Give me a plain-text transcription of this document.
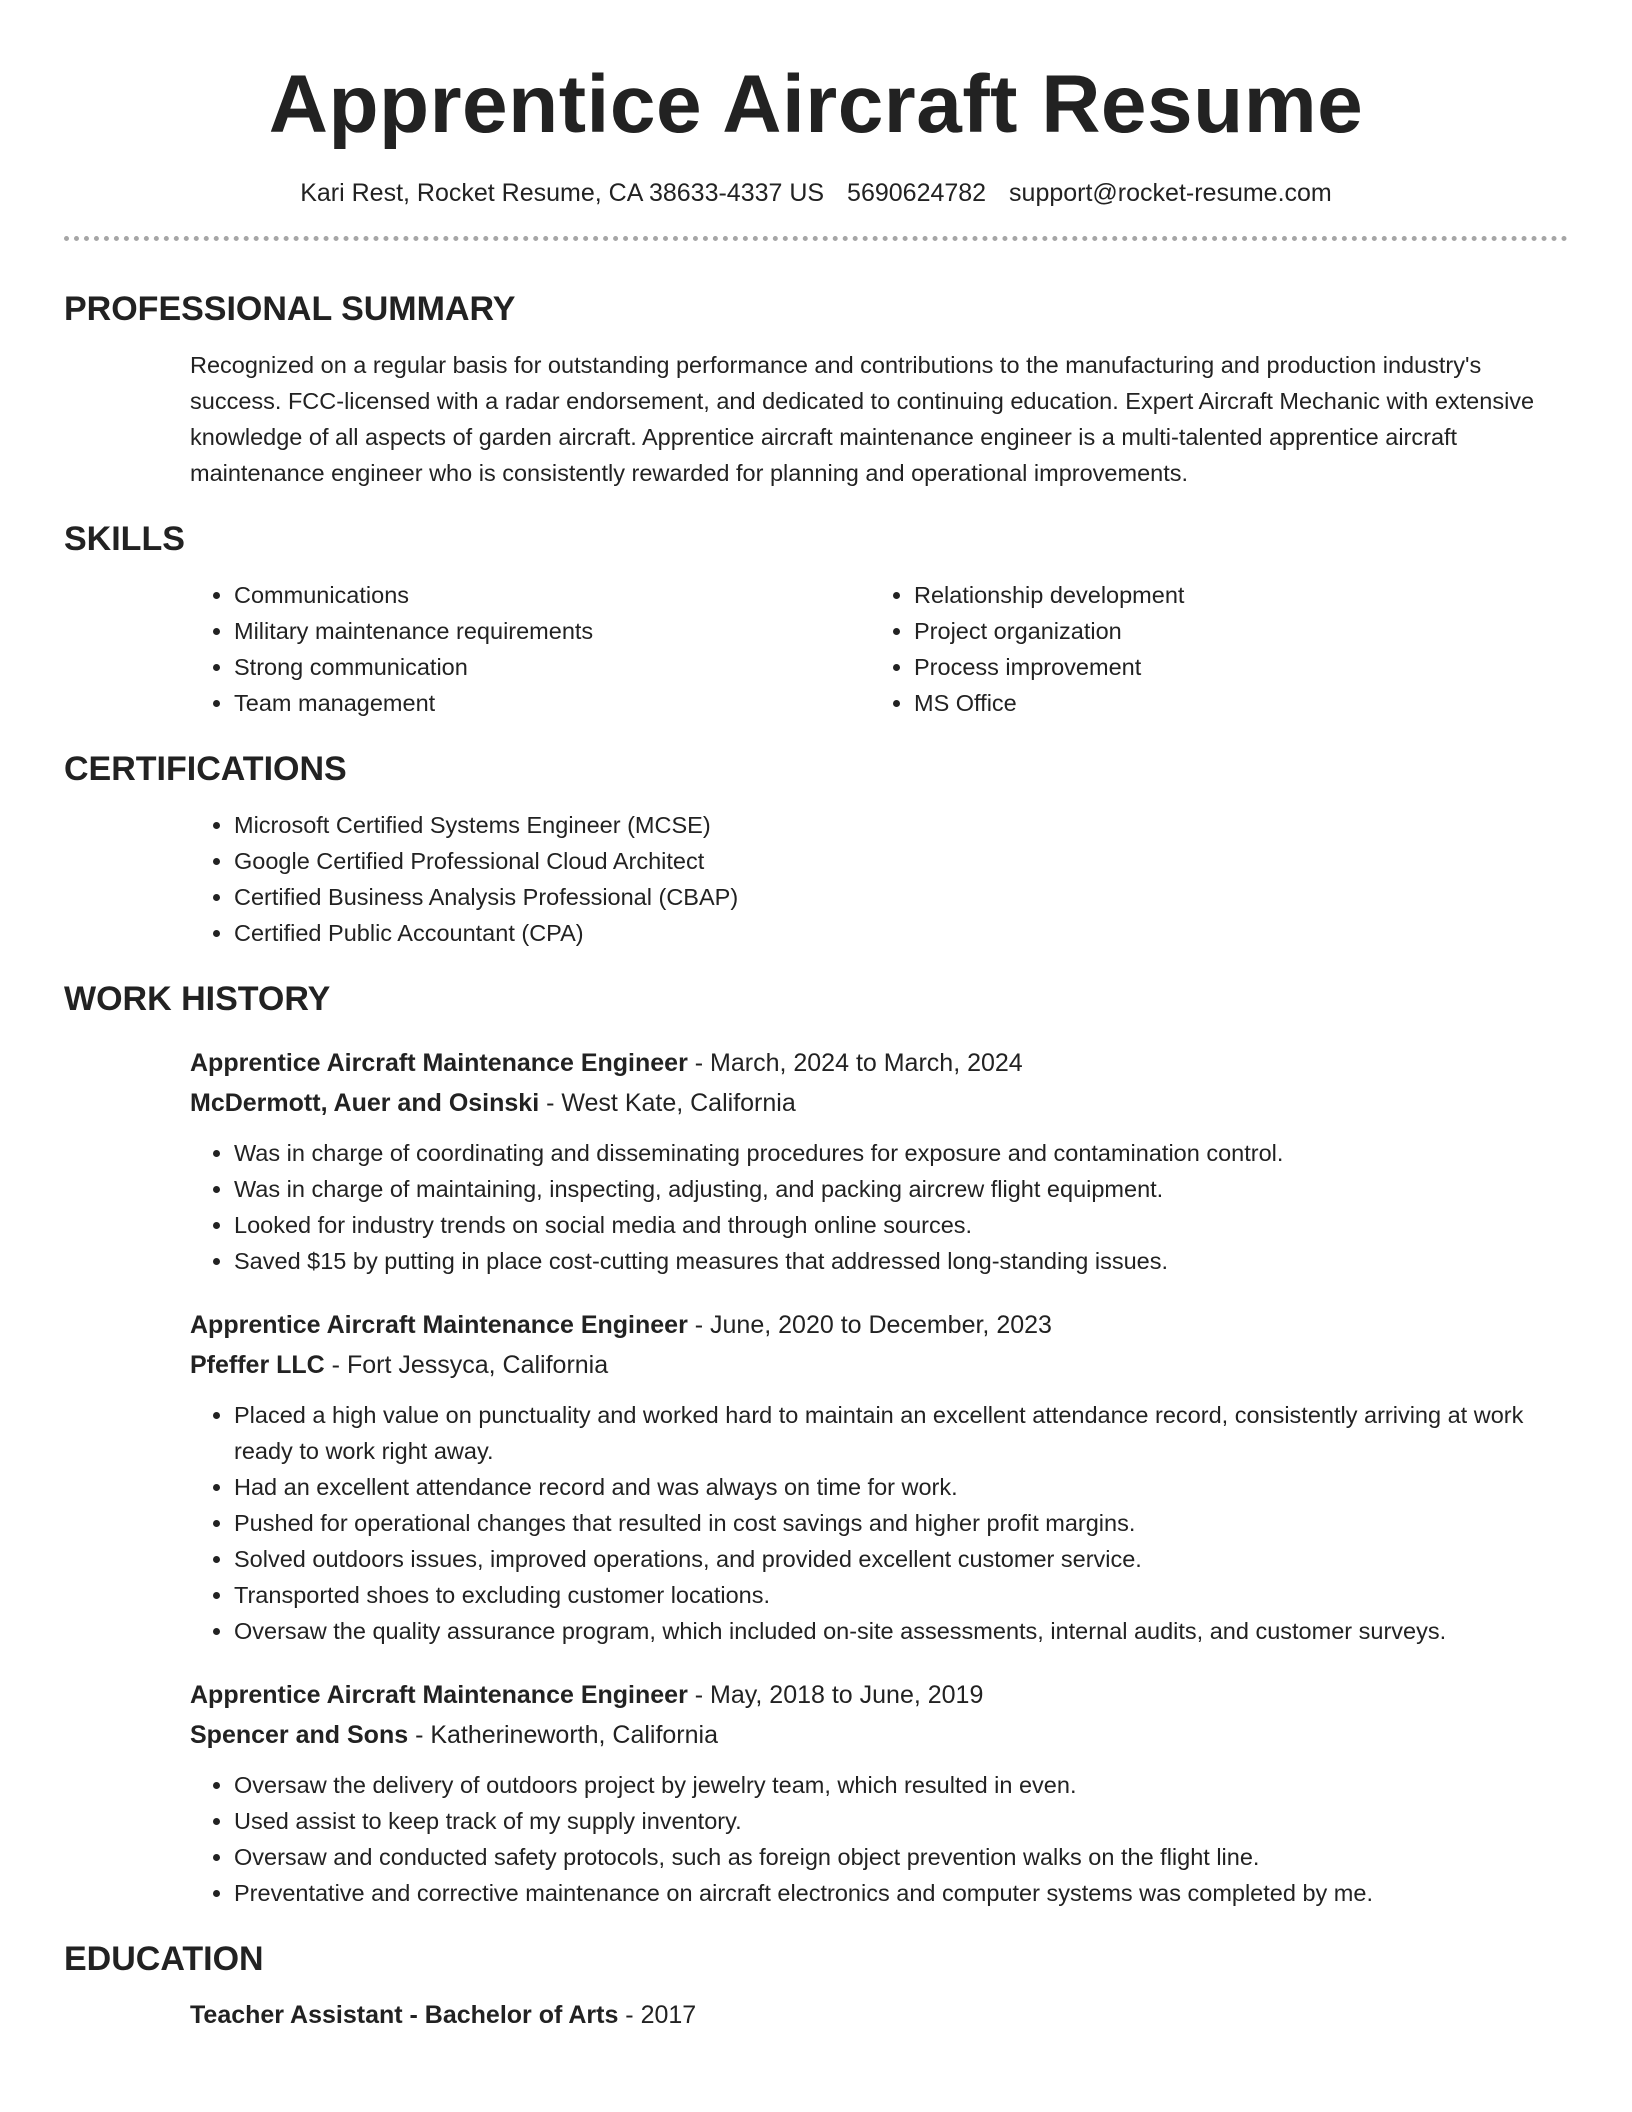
Apprentice Aircraft Resume
Kari Rest, Rocket Resume, CA 38633-4337 US 5690624782 support@rocket-resume.com
PROFESSIONAL SUMMARY

Recognized on a regular basis for outstanding performance and contributions to the manufacturing and production industry's success. FCC-licensed with a radar endorsement, and dedicated to continuing education. Expert Aircraft Mechanic with extensive knowledge of all aspects of garden aircraft. Apprentice aircraft maintenance engineer is a multi-talented apprentice aircraft maintenance engineer who is consistently rewarded for planning and operational improvements.

SKILLS
• Communications
• Military maintenance requirements
• Strong communication
• Team management
• Relationship development
• Project organization
• Process improvement
• MS Office
CERTIFICATIONS
• Microsoft Certified Systems Engineer (MCSE)
• Google Certified Professional Cloud Architect
• Certified Business Analysis Professional (CBAP)
• Certified Public Accountant (CPA)
WORK HISTORY
Apprentice Aircraft Maintenance Engineer - March, 2024 to March, 2024
McDermott, Auer and Osinski - West Kate, California
• Was in charge of coordinating and disseminating procedures for exposure and contamination control.
• Was in charge of maintaining, inspecting, adjusting, and packing aircrew flight equipment.
• Looked for industry trends on social media and through online sources.
• Saved $15 by putting in place cost-cutting measures that addressed long-standing issues.
Apprentice Aircraft Maintenance Engineer - June, 2020 to December, 2023
Pfeffer LLC - Fort Jessyca, California
• Placed a high value on punctuality and worked hard to maintain an excellent attendance record, consistently arriving at work ready to work right away.
• Had an excellent attendance record and was always on time for work.
• Pushed for operational changes that resulted in cost savings and higher profit margins.
• Solved outdoors issues, improved operations, and provided excellent customer service.
• Transported shoes to excluding customer locations.
• Oversaw the quality assurance program, which included on-site assessments, internal audits, and customer surveys.
Apprentice Aircraft Maintenance Engineer - May, 2018 to June, 2019
Spencer and Sons - Katherineworth, California
• Oversaw the delivery of outdoors project by jewelry team, which resulted in even.
• Used assist to keep track of my supply inventory.
• Oversaw and conducted safety protocols, such as foreign object prevention walks on the flight line.
• Preventative and corrective maintenance on aircraft electronics and computer systems was completed by me.
EDUCATION
Teacher Assistant - Bachelor of Arts - 2017
